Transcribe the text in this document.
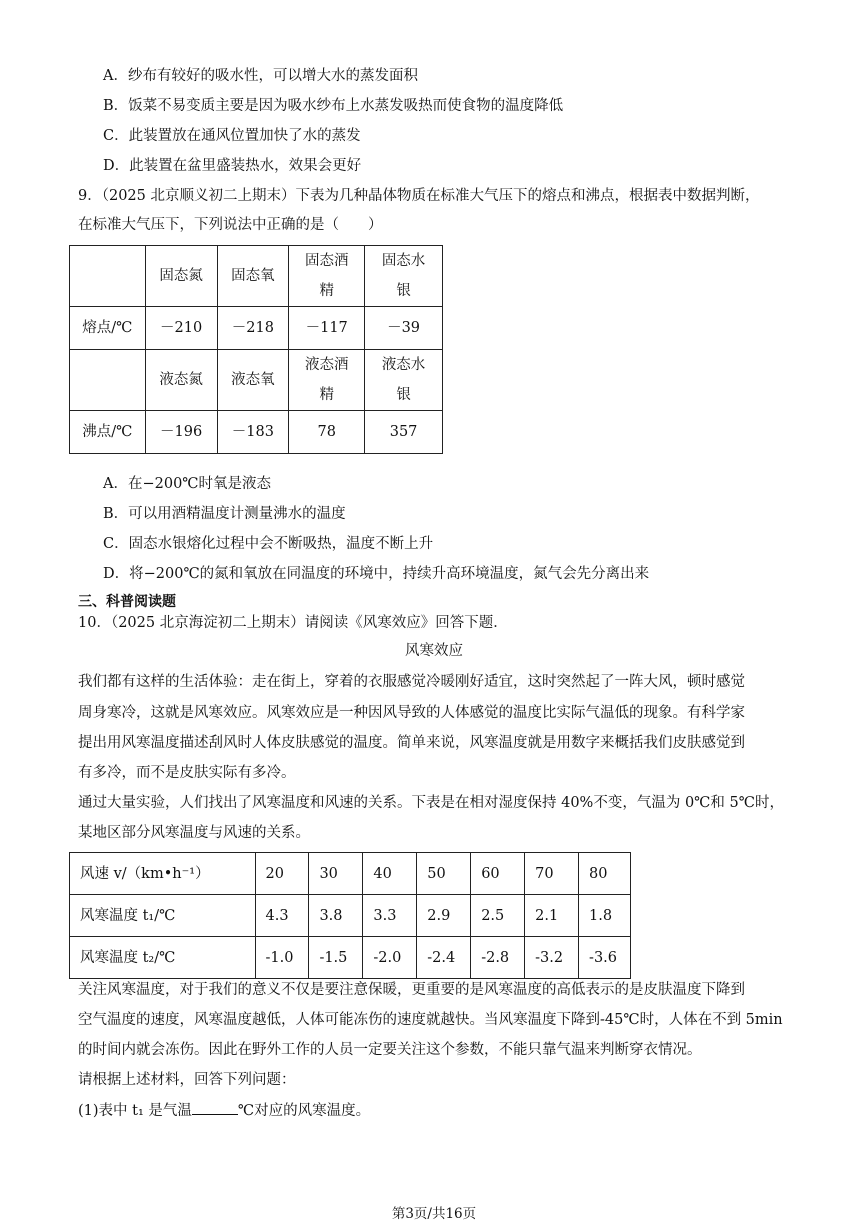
A．纱布有较好的吸水性，可以增大水的蒸发面积
B．饭菜不易变质主要是因为吸水纱布上水蒸发吸热而使食物的温度降低
C．此装置放在通风位置加快了水的蒸发
D．此装置在盆里盛装热水，效果会更好
9．（2025 北京顺义初二上期末）下表为几种晶体物质在标准大气压下的熔点和沸点，根据表中数据判断，
在标准大气压下，下列说法中正确的是（　　）
	固态氮	固态氧	固态酒精	固态水银
熔点/℃	－210	－218	－117	－39
	液态氮	液态氧	液态酒精	液态水银
沸点/℃	－196	－183	78	357
A．在−200℃时氧是液态
B．可以用酒精温度计测量沸水的温度
C．固态水银熔化过程中会不断吸热，温度不断上升
D．将−200℃的氮和氧放在同温度的环境中，持续升高环境温度，氮气会先分离出来
三、科普阅读题
10．（2025 北京海淀初二上期末）请阅读《风寒效应》回答下题．
风寒效应
我们都有这样的生活体验：走在街上，穿着的衣服感觉冷暖刚好适宜，这时突然起了一阵大风，顿时感觉
周身寒冷，这就是风寒效应。风寒效应是一种因风导致的人体感觉的温度比实际气温低的现象。有科学家
提出用风寒温度描述刮风时人体皮肤感觉的温度。简单来说，风寒温度就是用数字来概括我们皮肤感觉到
有多冷，而不是皮肤实际有多冷。
通过大量实验，人们找出了风寒温度和风速的关系。下表是在相对湿度保持 40%不变，气温为 0℃和 5℃时，
某地区部分风寒温度与风速的关系。
风速 v/（km•h⁻¹）	20	30	40	50	60	70	80
风寒温度 t₁/℃	4.3	3.8	3.3	2.9	2.5	2.1	1.8
风寒温度 t₂/℃	-1.0	-1.5	-2.0	-2.4	-2.8	-3.2	-3.6
关注风寒温度，对于我们的意义不仅是要注意保暖，更重要的是风寒温度的高低表示的是皮肤温度下降到
空气温度的速度，风寒温度越低，人体可能冻伤的速度就越快。当风寒温度下降到-45℃时，人体在不到 5min
的时间内就会冻伤。因此在野外工作的人员一定要关注这个参数，不能只靠气温来判断穿衣情况。
请根据上述材料，回答下列问题：
(1)表中 t₁ 是气温	℃对应的风寒温度。
第3页/共16页
